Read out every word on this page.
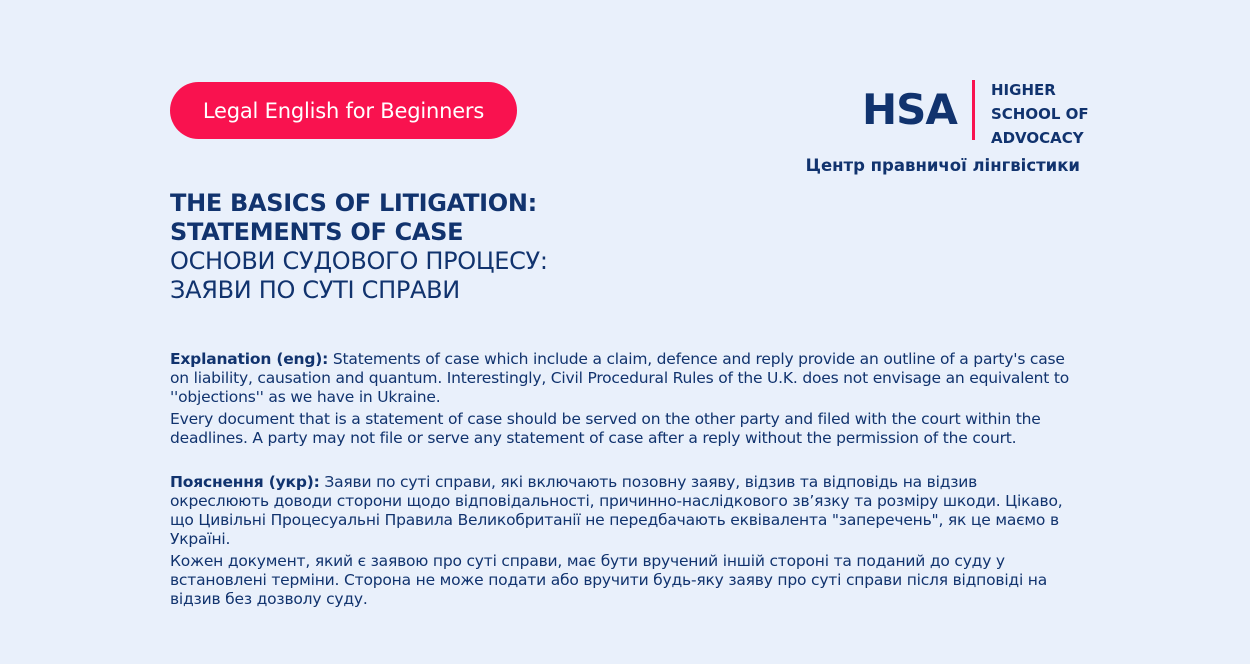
Legal English for Beginners	HSA HIGHER
SCHOOL OF
ADVOCACY
Центр правничої лінгвістики
THE BASICS OF LITIGATION:
STATEMENTS OF CASE
ОСНОВИ СУДОВОГО ПРОЦЕСУ:
ЗАЯВИ ПО СУТІ СПРАВИ

Explanation (eng): Statements of case which include a claim, defence and reply provide an outline of a party's case on liability, causation and quantum. Interestingly, Civil Procedural Rules of the U.K. does not envisage an equivalent to ''objections'' as we have in Ukraine.

Every document that is a statement of case should be served on the other party and filed with the court within the deadlines. A party may not file or serve any statement of case after a reply without the permission of the court.

Пояснення (укр): Заяви по суті справи, які включають позовну заяву, відзив та відповідь на відзив окреслюють доводи сторони щодо відповідальності, причинно-наслідкового зв’язку та розміру шкоди. Цікаво, що Цивільні Процесуальні Правила Великобританії не передбачають еквівалента "заперечень", як це маємо в Україні.

Кожен документ, який є заявою про суті справи, має бути вручений іншій стороні та поданий до суду у встановлені терміни. Сторона не може подати або вручити будь-яку заяву про суті справи після відповіді на відзив без дозволу суду.
